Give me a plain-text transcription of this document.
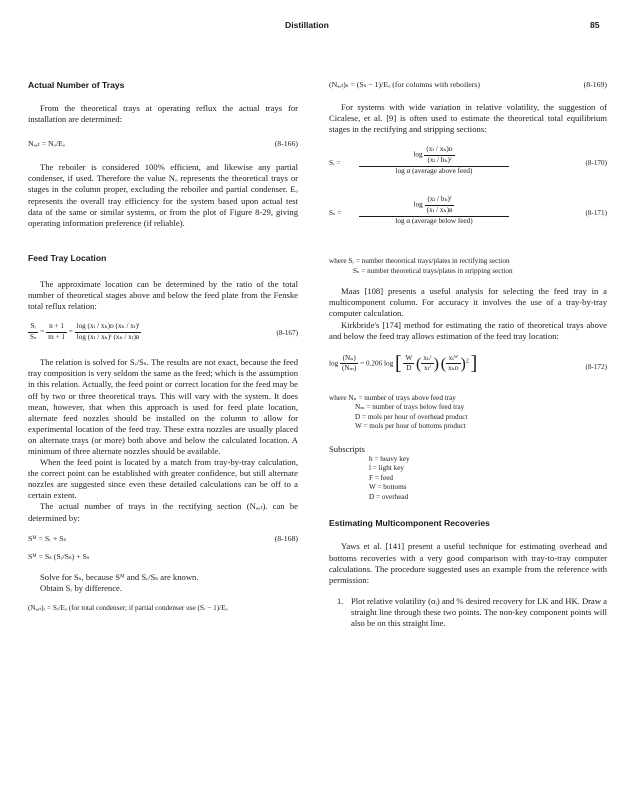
Distillation	85
Actual Number of Trays

From the theoretical trays at operating reflux the actual trays for installation are determined:

Nₐₑₜ = Nₒ/Eₒ	(8-166)

The reboiler is considered 100% efficient, and likewise any partial condenser, if used. Therefore the value Nₒ represents the theoretical trays or stages in the column proper, excluding the reboiler and partial condenser. Eₒ represents the overall tray efficiency for the system based upon actual test data of the same or similar systems, or from the plot of Figure 8-29, giving operating information preference (if reliable).

Feed Tray Location

The approximate location can be determined by the ratio of the total number of theoretical stages above and below the feed plate from the Fenske total reflux relation:

$\frac{\text{Sᵣ}}{\text{Sₛ}} = \frac{n + 1}{m + 1} = \frac{\text{log (xₗ / xₕ)ᴅ (xₕ / xₗ)ᶠ}}{\text{log (xₗ / xₕ)ᶠ (xₕ / xₗ)ʙ}}$	(8-167)

The relation is solved for Sᵣ/Sₛ. The results are not exact, because the feed tray composition is very seldom the same as the feed; which is the assumption in this relation. Actually, the feed point or correct location for the feed may be off by two or three theoretical trays. This will vary with the system. It does mean, however, that when this approach is used for feed plate location, alternate feed nozzles should be installed on the column to allow for experimental location of the feed tray. These extra nozzles are usually placed on alternate trays (or more) both above and below the calculated location. A minimum of three alternate nozzles should be available.

When the feed point is located by a match from tray-by-tray calculation, the correct point can be established with greater confidence, but still alternate nozzles are suggested since even these detailed calculations can be off to a certain extent.

The actual number of trays in the rectifying section (Nₐₑₜ)ᵣ can be determined by:

Sᴹ = Sᵣ + Sₛ	(8-168)
Sᴹ = Sₛ (Sᵣ/Sₛ) + Sₛ

Solve for Sₛ, because Sᴹ and Sᵣ/Sₛ are known.

Obtain Sᵣ by difference.

(Nₐₑₜ)ᵣ = Sᵣ/Eₒ (for total condenser; if partial condenser use (Sᵣ − 1)/Eₒ

(Nₐₑₜ)ₛ = (Sₛ − 1)/Eₒ (for columns with reboilers)	(8-169)

For systems with wide variation in relative volatility, the suggestion of Cicalese, et al. [9] is often used to estimate the theoretical total equilibrium stages in the rectifying and stripping sections:

Sᵣ =
$\log \frac{\text{(xₗ / xₕ)ᴅ}}{\text{(xₗ / hₕ)ᶠ}}$
log α (average above feed)
(8-170)
Sₛ =
$\log \frac{\text{(xₗ / bₕ)ᶠ}}{\text{(xₗ / xₕ)ʙ}}$
log α (average below feed)
(8-171)
where Sᵣ = number theoretical trays/plates in rectifying section
Sₛ = number theoretical trays/plates in stripping section

Maas [108] presents a useful analysis for selecting the feed tray in a multicomponent column. For accuracy it involves the use of a tray-by-tray computer calculation.

Kirkbride's [174] method for estimating the ratio of theoretical trays above and below the feed tray allows estimation of the feed tray location:

$\log \frac{\text{(Nₙ)}}{\text{(Nₘ)}} = 0.206$ log [ $\frac{W}{D}$ ( $\frac{\text{xₕᶠ}}{\text{xₗᶠ}}$ ) ( $\frac{\text{xₗᵂ}}{\text{xₕᴅ}} )^2$ ]	(8-172)
where Nₙ = number of trays above feed tray
Nₘ = number of trays below feed tray
D = mols per hour of overhead product
W = mols per hour of bottoms product
Subscripts
h = heavy key
l = light key
F = feed
W = bottoms
D = overhead
Estimating Multicomponent Recoveries

Yaws et al. [141] present a useful technique for estimating overhead and bottoms recoveries with a very good comparison with tray-to-tray computer calculations. The procedure suggested uses an example from the reference with permission:

1. Plot relative volatility (αᵢ) and % desired recovery for LK and HK. Draw a straight line through these two points. The non-key component points will also be on this straight line.
